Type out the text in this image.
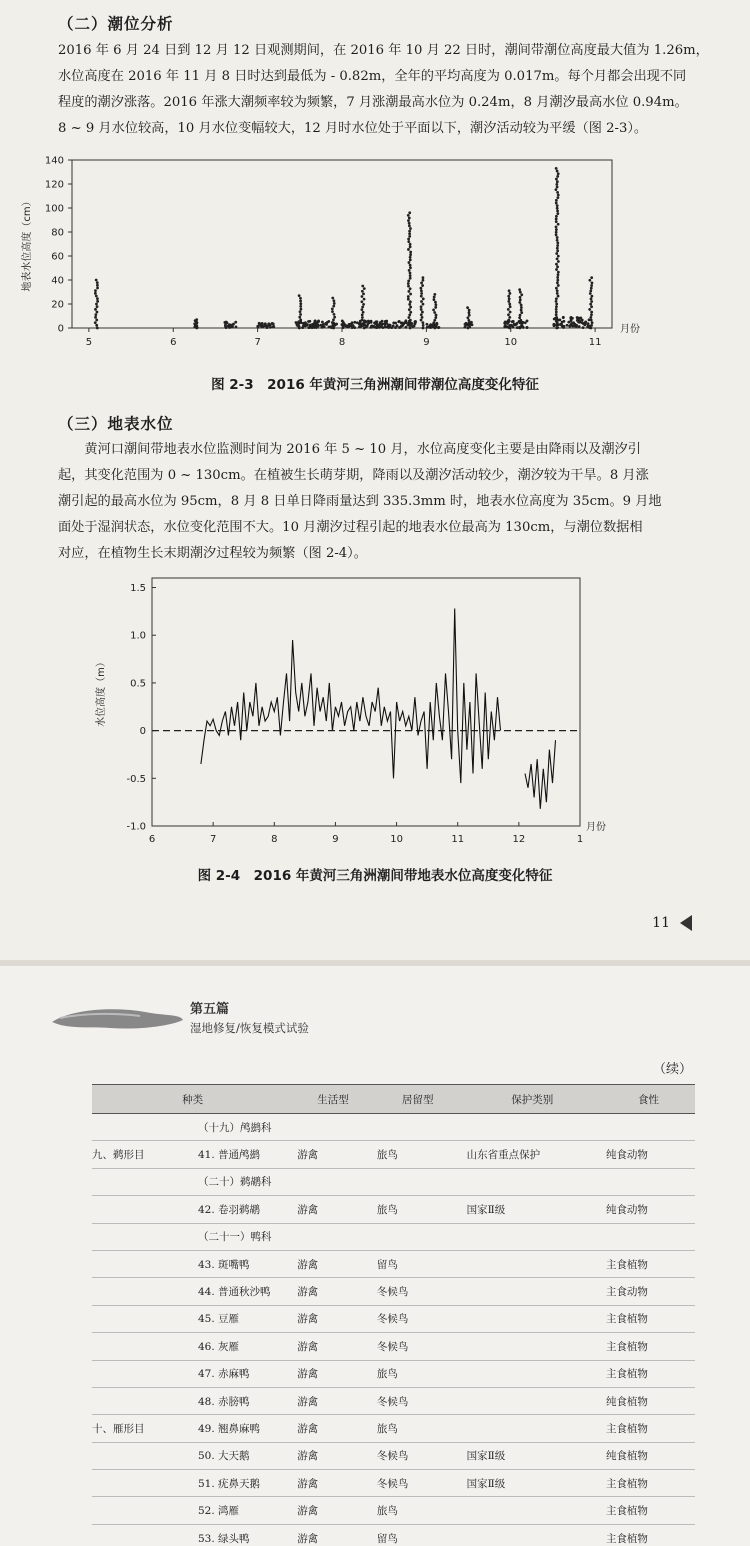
（二）潮位分析
2016 年 6 月 24 日到 12 月 12 日观测期间，在 2016 年 10 月 22 日时，潮间带潮位高度最大值为 1.26m，
水位高度在 2016 年 11 月 8 日时达到最低为 - 0.82m，全年的平均高度为 0.017m。每个月都会出现不同
程度的潮汐涨落。2016 年涨大潮频率较为频繁，7 月涨潮最高水位为 0.24m，8 月潮汐最高水位 0.94m。
8 ~ 9 月水位较高，10 月水位变幅较大，12 月时水位处于平面以下，潮汐活动较为平缓（图 2-3）。
0
20
40
60
80
100
120
140
5	6	7	8	9	10	11
月份
地表水位高度（cm）
图 2-3　2016 年黄河三角洲潮间带潮位高度变化特征
（三）地表水位
黄河口潮间带地表水位监测时间为 2016 年 5 ~ 10 月，水位高度变化主要是由降雨以及潮汐引
起，其变化范围为 0 ~ 130cm。在植被生长萌芽期，降雨以及潮汐活动较少，潮汐较为干旱。8 月涨
潮引起的最高水位为 95cm，8 月 8 日单日降雨量达到 335.3mm 时，地表水位高度为 35cm。9 月地
面处于湿润状态，水位变化范围不大。10 月潮汐过程引起的地表水位最高为 130cm，与潮位数据相
对应，在植物生长末期潮汐过程较为频繁（图 2-4）。
-1.0
-0.5
0
0.5
1.0
1.5
6	7	8	9	10	11	12	1
月份
水位高度（m）
图 2-4　2016 年黄河三角洲潮间带地表水位高度变化特征
11
第五篇
湿地修复/恢复模式试验
（续）
种类	生活型	居留型	保护类别	食性
（十九）鸬鹚科				
九、鹈形目 41. 普通鸬鹚	游禽	旅鸟	山东省重点保护	纯食动物
（二十）鹈鹕科				
42. 卷羽鹈鹕	游禽	旅鸟	国家Ⅱ级	纯食动物
（二十一）鸭科				
43. 斑嘴鸭	游禽	留鸟		主食植物
44. 普通秋沙鸭	游禽	冬候鸟		主食动物
45. 豆雁	游禽	冬候鸟		主食植物
46. 灰雁	游禽	冬候鸟		主食植物
47. 赤麻鸭	游禽	旅鸟		主食植物
48. 赤膀鸭	游禽	冬候鸟		纯食植物
十、雁形目 49. 翘鼻麻鸭	游禽	旅鸟		主食植物
50. 大天鹅	游禽	冬候鸟	国家Ⅱ级	纯食植物
51. 疣鼻天鹅	游禽	冬候鸟	国家Ⅱ级	主食植物
52. 鸿雁	游禽	旅鸟		主食植物
53. 绿头鸭	游禽	留鸟		主食植物
